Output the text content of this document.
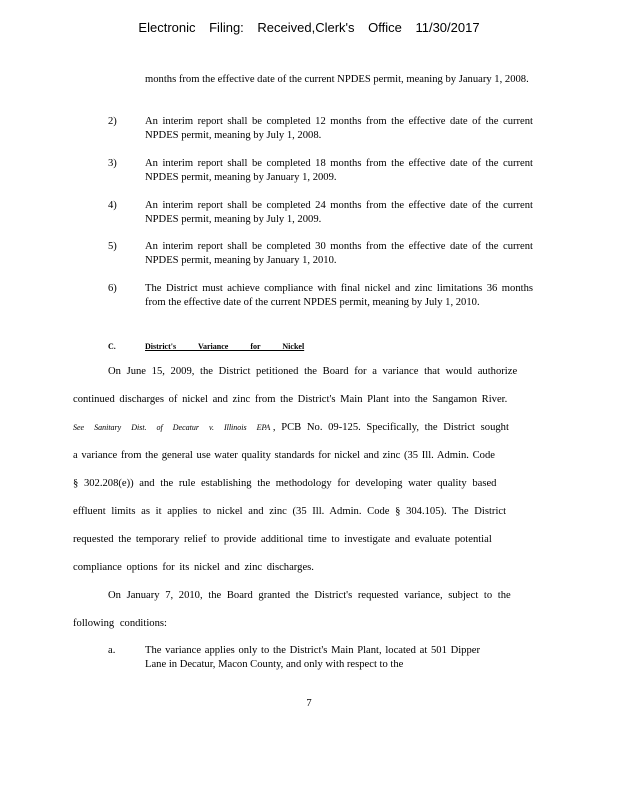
Electronic Filing: Received,Clerk's Office 11/30/2017
months from the effective date of the current NPDES permit, meaning by January 1, 2008.
2)	An interim report shall be completed 12 months from the effective date of the current NPDES permit, meaning by July 1, 2008.
3)	An interim report shall be completed 18 months from the effective date of the current NPDES permit, meaning by January 1, 2009.
4)	An interim report shall be completed 24 months from the effective date of the current NPDES permit, meaning by July 1, 2009.
5)	An interim report shall be completed 30 months from the effective date of the current NPDES permit, meaning by January 1, 2010.
6)	The District must achieve compliance with final nickel and zinc limitations 36 months from the effective date of the current NPDES permit, meaning by July 1, 2010.
C.	District's Variance for Nickel
On June 15, 2009, the District petitioned the Board for a variance that would authorize
continued discharges of nickel and zinc from the District's Main Plant into the Sangamon River.
See Sanitary Dist. of Decatur v. Illinois EPA , PCB No. 09-125. Specifically, the District sought
a variance from the general use water quality standards for nickel and zinc (35 Ill. Admin. Code
§ 302.208(e)) and the rule establishing the methodology for developing water quality based
effluent limits as it applies to nickel and zinc (35 Ill. Admin. Code § 304.105). The District
requested the temporary relief to provide additional time to investigate and evaluate potential
compliance options for its nickel and zinc discharges.
On January 7, 2010, the Board granted the District's requested variance, subject to the
following conditions:
a.	The variance applies only to the District's Main Plant, located at 501 Dipper Lane in Decatur, Macon County, and only with respect to the
7
